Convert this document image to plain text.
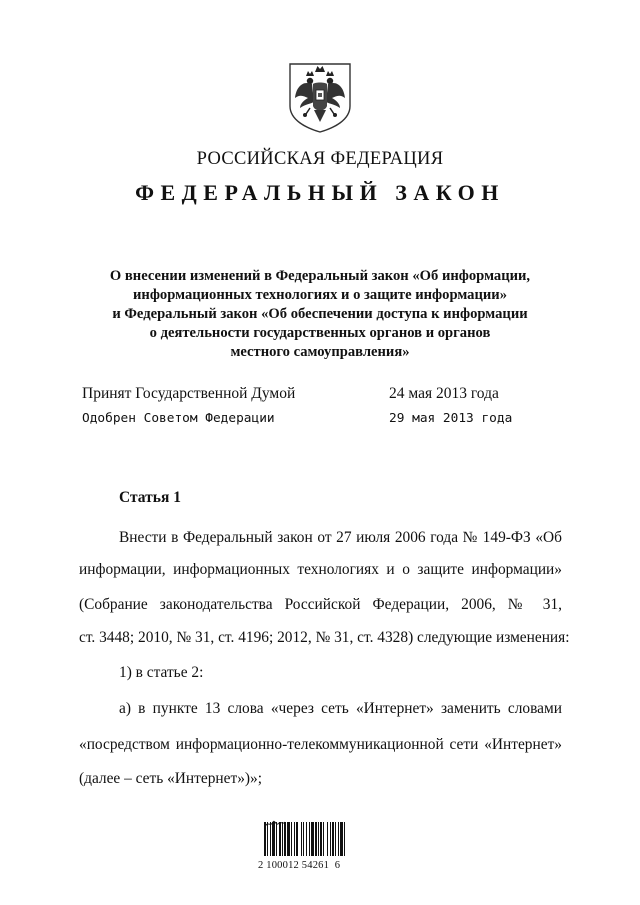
РОССИЙСКАЯ ФЕДЕРАЦИЯ
ФЕДЕРАЛЬНЫЙ ЗАКОН
О внесении изменений в Федеральный закон «Об информации,
информационных технологиях и о защите информации»
и Федеральный закон «Об обеспечении доступа к информации
о деятельности государственных органов и органов
местного самоуправления»
Принят Государственной Думой	24 мая 2013 года
Одобрен Советом Федерации	29 мая 2013 года
Статья 1
Внести в Федеральный закон от 27 июля 2006 года № 149-ФЗ «Об
информации, информационных технологиях и о защите информации»
(Собрание законодательства Российской Федерации, 2006, № 31,
ст. 3448; 2010, № 31, ст. 4196; 2012, № 31, ст. 4328) следующие изменения:
1) в статье 2:
а) в пункте 13 слова «через сеть «Интернет» заменить словами
«посредством информационно-телекоммуникационной сети «Интернет»
(далее – сеть «Интернет»)»;
2 100012 54261  6
